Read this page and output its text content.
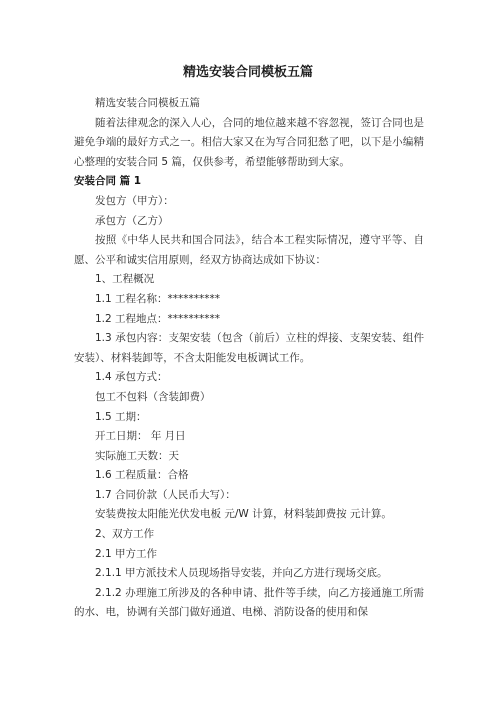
精选安装合同模板五篇

精选安装合同模板五篇

随着法律观念的深入人心，合同的地位越来越不容忽视，签订合同也是避免争端的最好方式之一。相信大家又在为写合同犯愁了吧，以下是小编精心整理的安装合同 5 篇，仅供参考，希望能够帮助到大家。

安装合同 篇 1

发包方（甲方）：

承包方（乙方）

按照《中华人民共和国合同法》，结合本工程实际情况，遵守平等、自愿、公平和诚实信用原则，经双方协商达成如下协议：

1、工程概况

1.1 工程名称：**********

1.2 工程地点：**********

1.3 承包内容：支架安装（包含（前后）立柱的焊接、支架安装、组件安装）、材料装卸等，不含太阳能发电板调试工作。

1.4 承包方式：

包工不包料（含装卸费）

1.5 工期：

开工日期： 年 月日

实际施工天数：天

1.6 工程质量：合格

1.7 合同价款（人民币大写）：

安装费按太阳能光伏发电板 元/W 计算，材料装卸费按 元计算。

2、双方工作

2.1 甲方工作

2.1.1 甲方派技术人员现场指导安装，并向乙方进行现场交底。

2.1.2 办理施工所涉及的各种申请、批件等手续，向乙方接通施工所需的水、电，协调有关部门做好通道、电梯、消防设备的使用和保
